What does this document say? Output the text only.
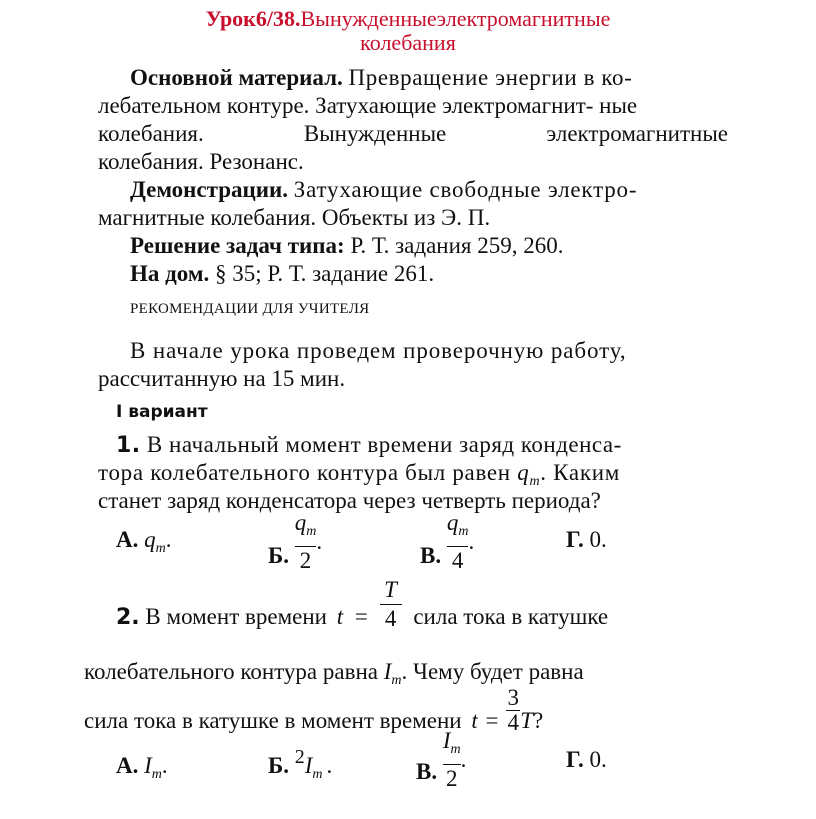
Урок6/38.Вынужденныеэлектромагнитные
колебания
Основной материал. Превращение энергии в ко-
лебательном контуре. Затухающие электромагнит- ные
колебания. Вынужденные электромагнитные
колебания. Резонанс.
Демонстрации. Затухающие свободные электро-
магнитные колебания. Объекты из Э. П.
Решение задач типа: Р. Т. задания 259, 260.
На дом. § 35; Р. Т. задание 261.
РЕКОМЕНДАЦИИ ДЛЯ УЧИТЕЛЯ
В начале урока проведем проверочную работу,
рассчитанную на 15 мин.
I вариант
1. В начальный момент времени заряд конденса-
тора колебательного контура был равен $q_m$. Каким
станет заряд конденсатора через четверть периода?
А. $q_m$.
Б. $\frac{q_m}{2}$ .
В. $\frac{q_m}{4}$ .	Г. 0.
2. В момент времени $t = \frac{T}{4}$ сила тока в катушке
колебательного контура равна $I_m$. Чему будет равна
сила тока в катушке в момент времени $t = \frac{3}{4} T$?
А. $I_m$.	Б. $2I_m$ .	В. $\frac{I_m}{2}$ .	Г. 0.
